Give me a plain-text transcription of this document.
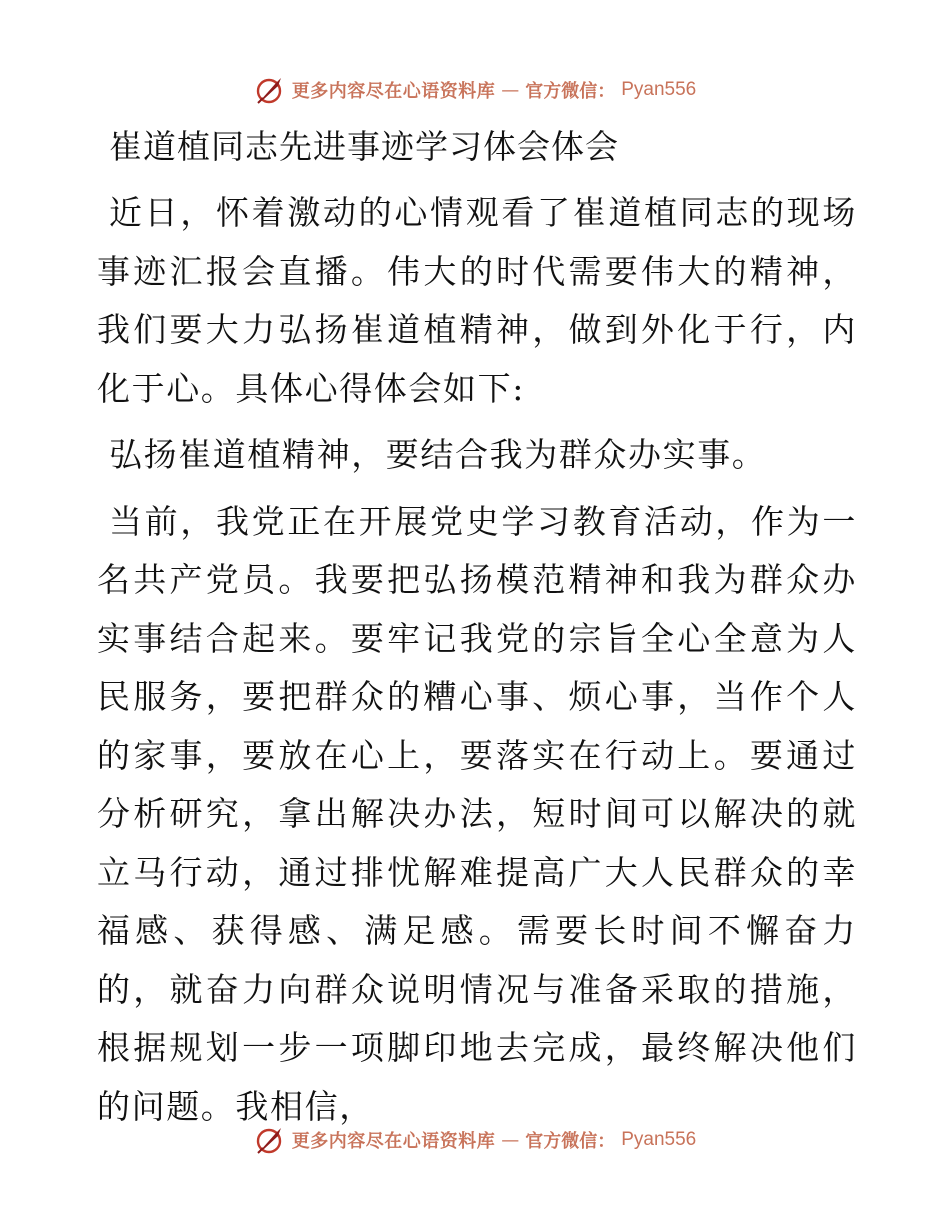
更多内容尽在心语资料库 — 官方微信： Pyan556
崔道植同志先进事迹学习体会体会

近日，怀着激动的心情观看了崔道植同志的现场事迹汇报会直播。伟大的时代需要伟大的精神，我们要大力弘扬崔道植精神，做到外化于行，内化于心。具体心得体会如下:

弘扬崔道植精神，要结合我为群众办实事。

当前，我党正在开展党史学习教育活动，作为一名共产党员。我要把弘扬模范精神和我为群众办实事结合起来。要牢记我党的宗旨全心全意为人民服务，要把群众的糟心事、烦心事，当作个人的家事，要放在心上，要落实在行动上。要通过分析研究，拿出解决办法，短时间可以解决的就立马行动，通过排忧解难提高广大人民群众的幸福感、获得感、满足感。需要长时间不懈奋力的，就奋力向群众说明情况与准备采取的措施，根据规划一步一项脚印地去完成，最终解决他们的问题。我相信，

更多内容尽在心语资料库 — 官方微信： Pyan556
